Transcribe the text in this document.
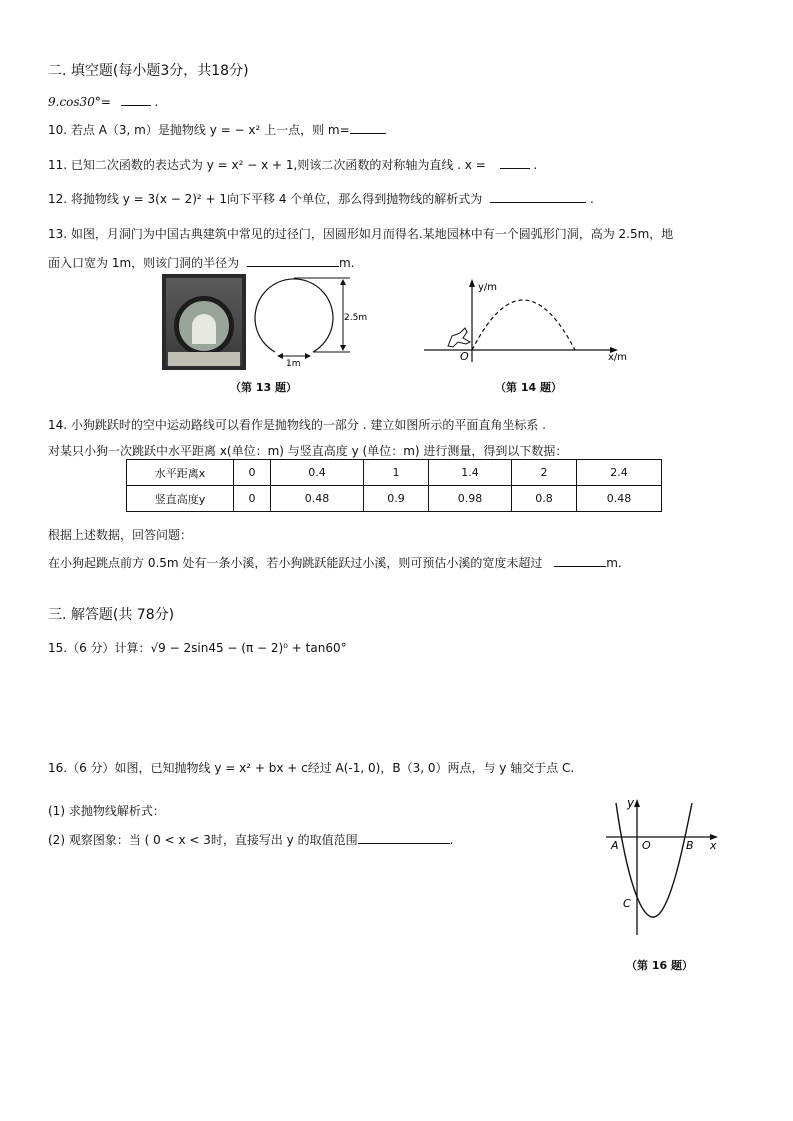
二. 填空题(每小题3分，共18分)
9.cos30°=	.
10. 若点 A（3, m）是抛物线 y = − x² 上一点，则 m=
11. 已知二次函数的表达式为 y = x² − x + 1,则该二次函数的对称轴为直线 . x =	.
12. 将抛物线 y = 3(x − 2)² + 1向下平移 4 个单位，那么得到抛物线的解析式为	.
13. 如图，月洞门为中国古典建筑中常见的过径门，因圆形如月而得名.某地园林中有一个圆弧形门洞，高为 2.5m，地
面入口宽为 1m，则该门洞的半径为	m.
2.5m
1m
（第 13 题）
y/m
x/m
O
（第 14 题）
14. 小狗跳跃时的空中运动路线可以看作是抛物线的一部分 . 建立如图所示的平面直角坐标系 .
对某只小狗一次跳跃中水平距离 x(单位：m) 与竖直高度 y (单位：m) 进行测量，得到以下数据：
水平距离x	0	0.4	1	1.4	2	2.4
竖直高度y	0	0.48	0.9	0.98	0.8	0.48
根据上述数据，回答问题：
在小狗起跳点前方 0.5m 处有一条小溪，若小狗跳跃能跃过小溪，则可预估小溪的宽度未超过	m.
三. 解答题(共 78分)
15.（6 分）计算：√9 − 2sin45 − (π − 2)⁰ + tan60°
16.（6 分）如图，已知抛物线 y = x² + bx + c经过 A(-1, 0)，B（3, 0）两点，与 y 轴交于点 C.
(1) 求抛物线解析式：
(2) 观察图象：当 ( 0 < x < 3时，直接写出 y 的取值范围	.
y
x
A O	B
C
（第 16 题）
